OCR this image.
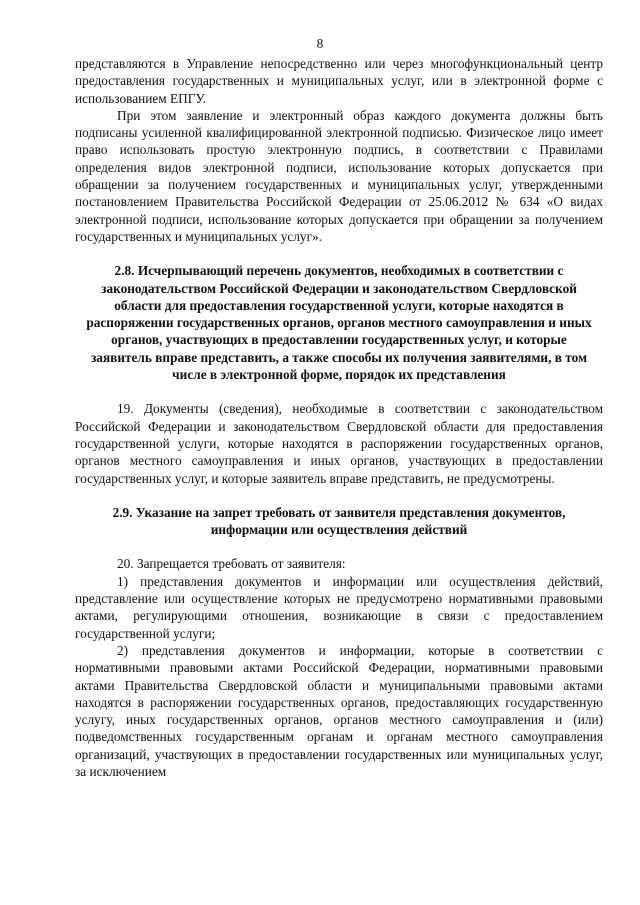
8

представляются в Управление непосредственно или через многофункциональный центр предоставления государственных и муниципальных услуг, или в электронной форме с использованием ЕПГУ.

При этом заявление и электронный образ каждого документа должны быть подписаны усиленной квалифицированной электронной подписью. Физическое лицо имеет право использовать простую электронную подпись, в соответствии с Правилами определения видов электронной подписи, использование которых допускается при обращении за получением государственных и муниципальных услуг, утвержденными постановлением Правительства Российской Федерации от 25.06.2012 № 634 «О видах электронной подписи, использование которых допускается при обращении за получением государственных и муниципальных услуг».

2.8. Исчерпывающий перечень документов, необходимых в соответствии с законодательством Российской Федерации и законодательством Свердловской области для предоставления государственной услуги, которые находятся в распоряжении государственных органов, органов местного самоуправления и иных органов, участвующих в предоставлении государственных услуг, и которые заявитель вправе представить, а также способы их получения заявителями, в том числе в электронной форме, порядок их представления

19. Документы (сведения), необходимые в соответствии с законодательством Российской Федерации и законодательством Свердловской области для предоставления государственной услуги, которые находятся в распоряжении государственных органов, органов местного самоуправления и иных органов, участвующих в предоставлении государственных услуг, и которые заявитель вправе представить, не предусмотрены.

2.9. Указание на запрет требовать от заявителя представления документов, информации или осуществления действий

20. Запрещается требовать от заявителя:

1) представления документов и информации или осуществления действий, представление или осуществление которых не предусмотрено нормативными правовыми актами, регулирующими отношения, возникающие в связи с предоставлением государственной услуги;

2) представления документов и информации, которые в соответствии с нормативными правовыми актами Российской Федерации, нормативными правовыми актами Правительства Свердловской области и муниципальными правовыми актами находятся в распоряжении государственных органов, предоставляющих государственную услугу, иных государственных органов, органов местного самоуправления и (или) подведомственных государственным органам и органам местного самоуправления организаций, участвующих в предоставлении государственных или муниципальных услуг, за исключением
